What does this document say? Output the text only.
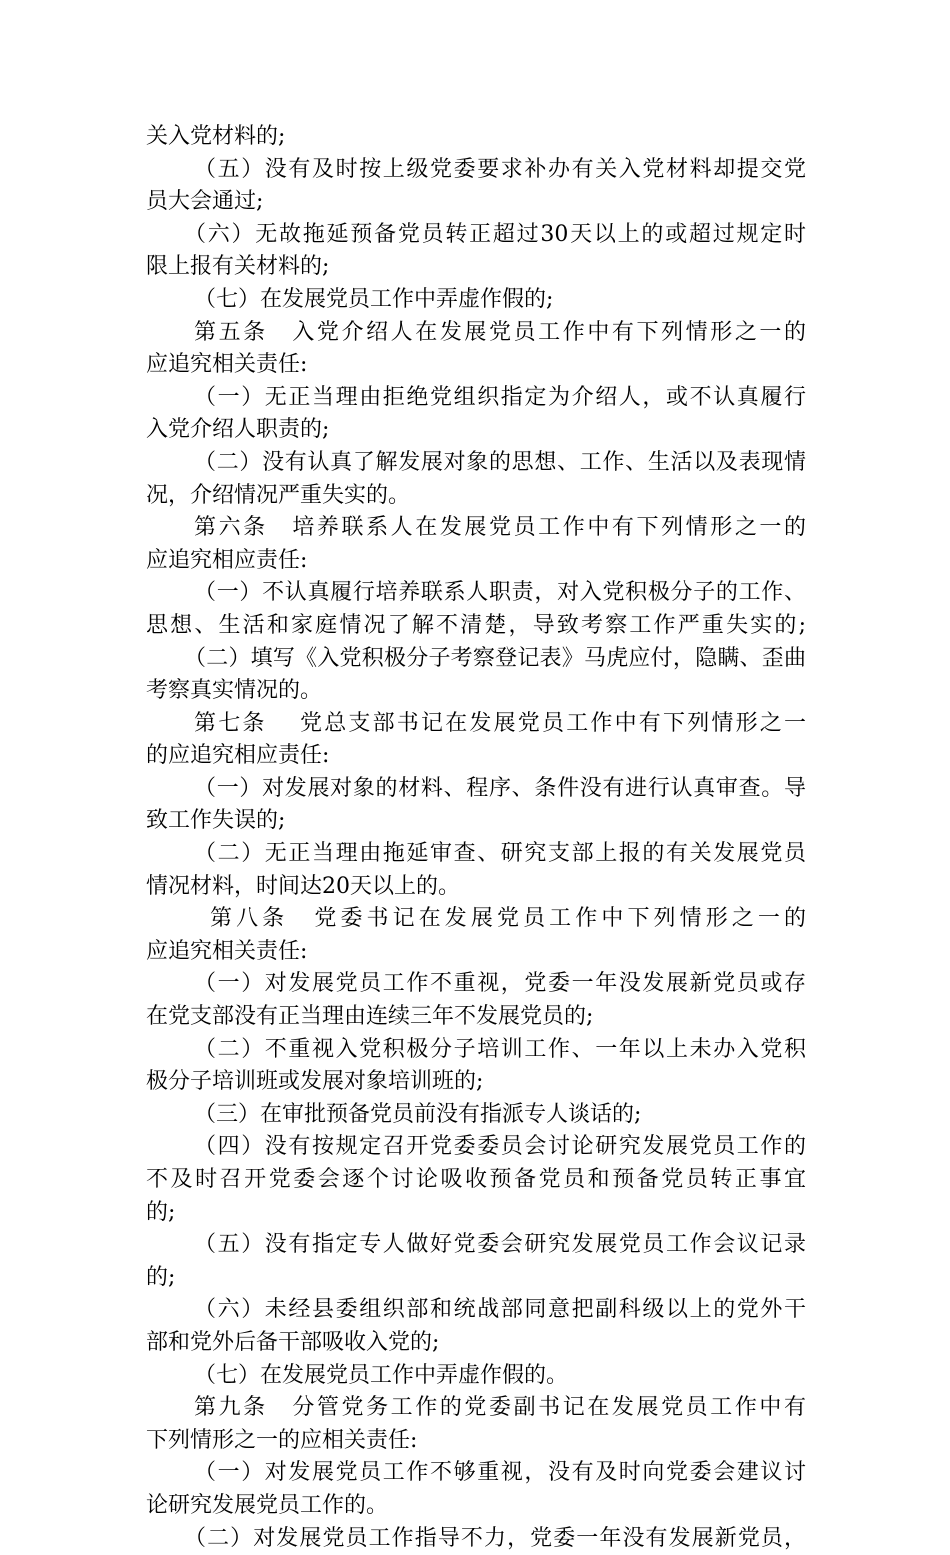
关入党材料的;
（五）没有及时按上级党委要求补办有关入党材料却提交党
员大会通过;
（六）无故拖延预备党员转正超过30天以上的或超过规定时
限上报有关材料的;
（七）在发展党员工作中弄虚作假的;
第五条　入党介绍人在发展党员工作中有下列情形之一的
应追究相关责任:
（一）无正当理由拒绝党组织指定为介绍人，或不认真履行
入党介绍人职责的;
（二）没有认真了解发展对象的思想、工作、生活以及表现情
况，介绍情况严重失实的。
第六条　培养联系人在发展党员工作中有下列情形之一的
应追究相应责任:
（一）不认真履行培养联系人职责，对入党积极分子的工作、
思想、生活和家庭情况了解不清楚，导致考察工作严重失实的;
（二）填写《入党积极分子考察登记表》马虎应付，隐瞒、歪曲
考察真实情况的。
第七条　 党总支部书记在发展党员工作中有下列情形之一
的应追究相应责任:
（一）对发展对象的材料、程序、条件没有进行认真审查。导
致工作失误的;
（二）无正当理由拖延审查、研究支部上报的有关发展党员
情况材料，时间达20天以上的。
第八条　党委书记在发展党员工作中下列情形之一的
应追究相关责任:
（一）对发展党员工作不重视，党委一年没发展新党员或存
在党支部没有正当理由连续三年不发展党员的;
（二）不重视入党积极分子培训工作、一年以上未办入党积
极分子培训班或发展对象培训班的;
（三）在审批预备党员前没有指派专人谈话的;
（四）没有按规定召开党委委员会讨论研究发展党员工作的
不及时召开党委会逐个讨论吸收预备党员和预备党员转正事宜
的;
（五）没有指定专人做好党委会研究发展党员工作会议记录
的;
（六）未经县委组织部和统战部同意把副科级以上的党外干
部和党外后备干部吸收入党的;
（七）在发展党员工作中弄虚作假的。
第九条　分管党务工作的党委副书记在发展党员工作中有
下列情形之一的应相关责任:
（一）对发展党员工作不够重视，没有及时向党委会建议讨
论研究发展党员工作的。
（二）对发展党员工作指导不力，党委一年没有发展新党员，
